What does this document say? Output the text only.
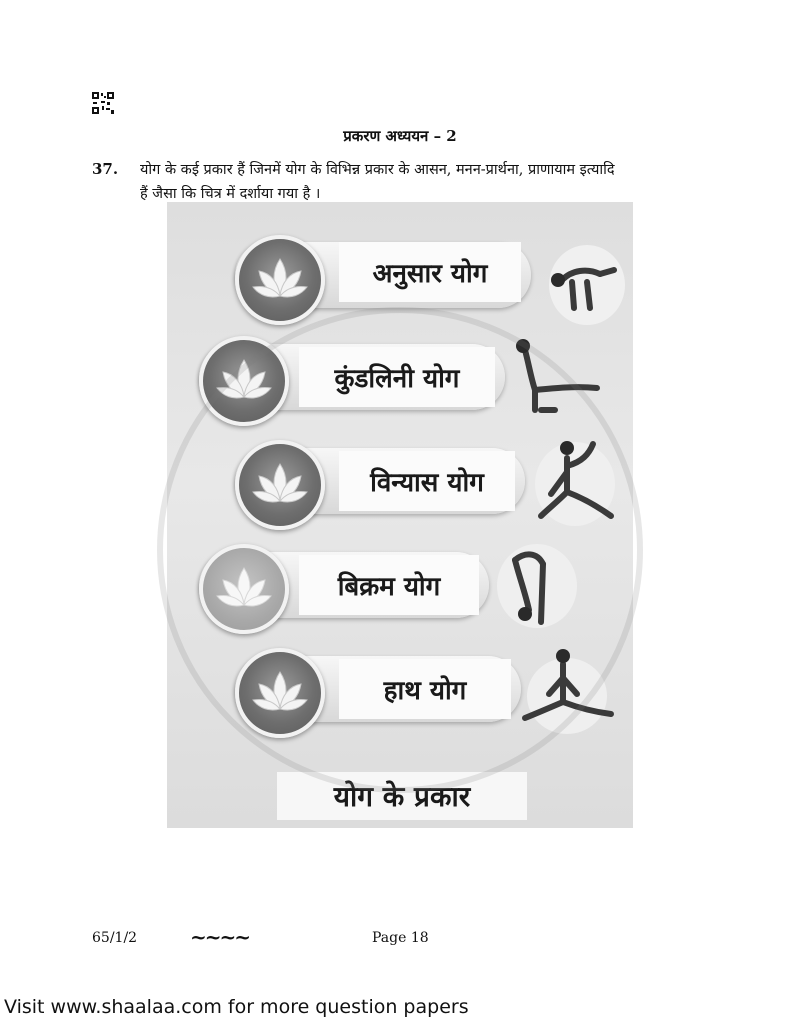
प्रकरण अध्ययन – 2
37. योग के कई प्रकार हैं जिनमें योग के विभिन्न प्रकार के आसन, मनन-प्रार्थना, प्राणायाम इत्यादि
हैं जैसा कि चित्र में दर्शाया गया है ।
अनुसार योग
कुंडलिनी योग
विन्यास योग
बिक्रम योग
हाथ योग
योग के प्रकार
65/1/2	~~~~	Page 18
Visit www.shaalaa.com for more question papers
